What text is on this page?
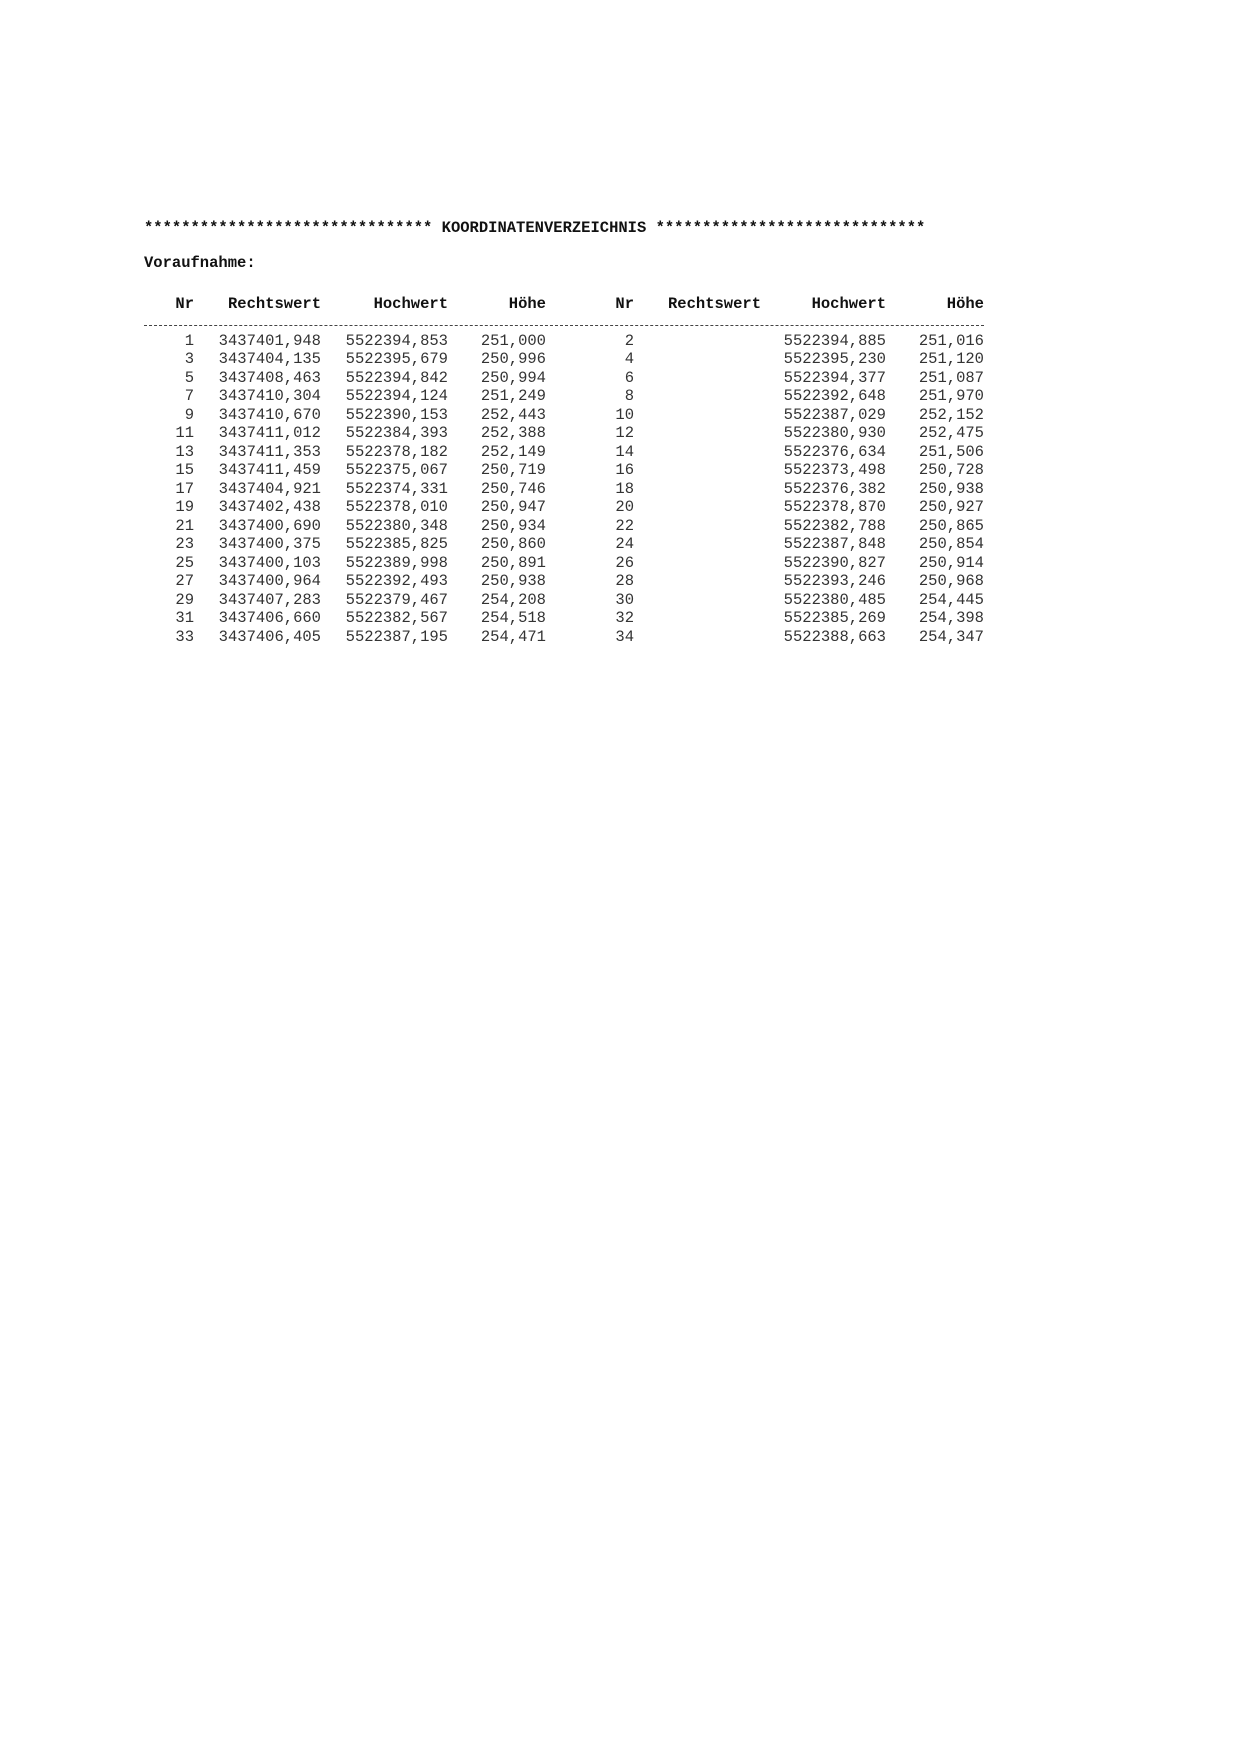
******************************* KOORDINATENVERZEICHNIS *****************************
Voraufnahme:
Nr	Rechtswert	Hochwert	Höhe	Nr	Rechtswert	Hochwert	Höhe

1	3437401,948	5522394,853	251,000	2		5522394,885	251,016
3	3437404,135	5522395,679	250,996	4		5522395,230	251,120
5	3437408,463	5522394,842	250,994	6		5522394,377	251,087
7	3437410,304	5522394,124	251,249	8		5522392,648	251,970
9	3437410,670	5522390,153	252,443	10		5522387,029	252,152
11	3437411,012	5522384,393	252,388	12		5522380,930	252,475
13	3437411,353	5522378,182	252,149	14		5522376,634	251,506
15	3437411,459	5522375,067	250,719	16		5522373,498	250,728
17	3437404,921	5522374,331	250,746	18		5522376,382	250,938
19	3437402,438	5522378,010	250,947	20		5522378,870	250,927
21	3437400,690	5522380,348	250,934	22		5522382,788	250,865
23	3437400,375	5522385,825	250,860	24		5522387,848	250,854
25	3437400,103	5522389,998	250,891	26		5522390,827	250,914
27	3437400,964	5522392,493	250,938	28		5522393,246	250,968
29	3437407,283	5522379,467	254,208	30		5522380,485	254,445
31	3437406,660	5522382,567	254,518	32		5522385,269	254,398
33	3437406,405	5522387,195	254,471	34		5522388,663	254,347
